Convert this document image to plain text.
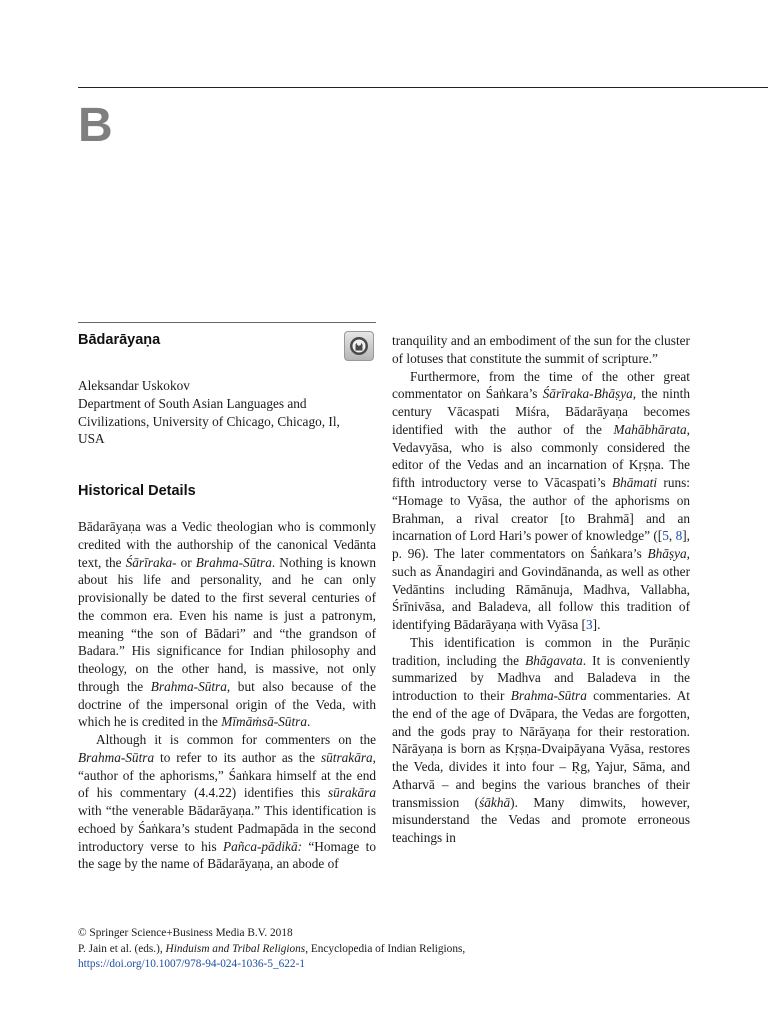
B
Bādarāyaṇa
Aleksandar Uskokov
Department of South Asian Languages and
Civilizations, University of Chicago, Chicago, Il,
USA
Historical Details

Bādarāyaṇa was a Vedic theologian who is commonly credited with the authorship of the canonical Vedānta text, the Śārīraka- or Brahma-Sūtra. Nothing is known about his life and personality, and he can only provisionally be dated to the first several centuries of the common era. Even his name is just a patronym, meaning “the son of Bādari” and “the grandson of Badara.” His significance for Indian philosophy and theology, on the other hand, is massive, not only through the Brahma-Sūtra, but also because of the doctrine of the impersonal origin of the Veda, with which he is credited in the Mīmāṁsā-Sūtra.

Although it is common for commenters on the Brahma-Sūtra to refer to its author as the sūtrakāra, “author of the aphorisms,” Śaṅkara himself at the end of his commentary (4.4.22) identifies this sūrakāra with “the venerable Bādarāyaṇa.” This identification is echoed by Śaṅkara’s student Padmapāda in the second introductory verse to his Pañca-pādikā: “Homage to the sage by the name of Bādarāyaṇa, an abode of

tranquility and an embodiment of the sun for the cluster of lotuses that constitute the summit of scripture.”

Furthermore, from the time of the other great commentator on Śaṅkara’s Śārīraka-Bhāṣya, the ninth century Vācaspati Miśra, Bādarāyaṇa becomes identified with the author of the Mahābhārata, Vedavyāsa, who is also commonly considered the editor of the Vedas and an incarnation of Kṛṣṇa. The fifth introductory verse to Vācaspati’s Bhāmati runs: “Homage to Vyāsa, the author of the aphorisms on Brahman, a rival creator [to Brahmā] and an incarnation of Lord Hari’s power of knowledge” ([5, 8], p. 96). The later commentators on Śaṅkara’s Bhāṣya, such as Ānandagiri and Govindānanda, as well as other Vedāntins including Rāmānuja, Madhva, Vallabha, Śrīnivāsa, and Baladeva, all follow this tradition of identifying Bādarāyaṇa with Vyāsa [3].

This identification is common in the Purāṇic tradition, including the Bhāgavata. It is conveniently summarized by Madhva and Baladeva in the introduction to their Brahma-Sūtra commentaries. At the end of the age of Dvāpara, the Vedas are forgotten, and the gods pray to Nārāyaṇa for their restoration. Nārāyaṇa is born as Kṛṣṇa-Dvaipāyana Vyāsa, restores the Veda, divides it into four – Ṛg, Yajur, Sāma, and Atharvā – and begins the various branches of their transmission (śākhā). Many dimwits, however, misunderstand the Vedas and promote erroneous teachings in

© Springer Science+Business Media B.V. 2018
P. Jain et al. (eds.), Hinduism and Tribal Religions, Encyclopedia of Indian Religions,
https://doi.org/10.1007/978-94-024-1036-5_622-1
